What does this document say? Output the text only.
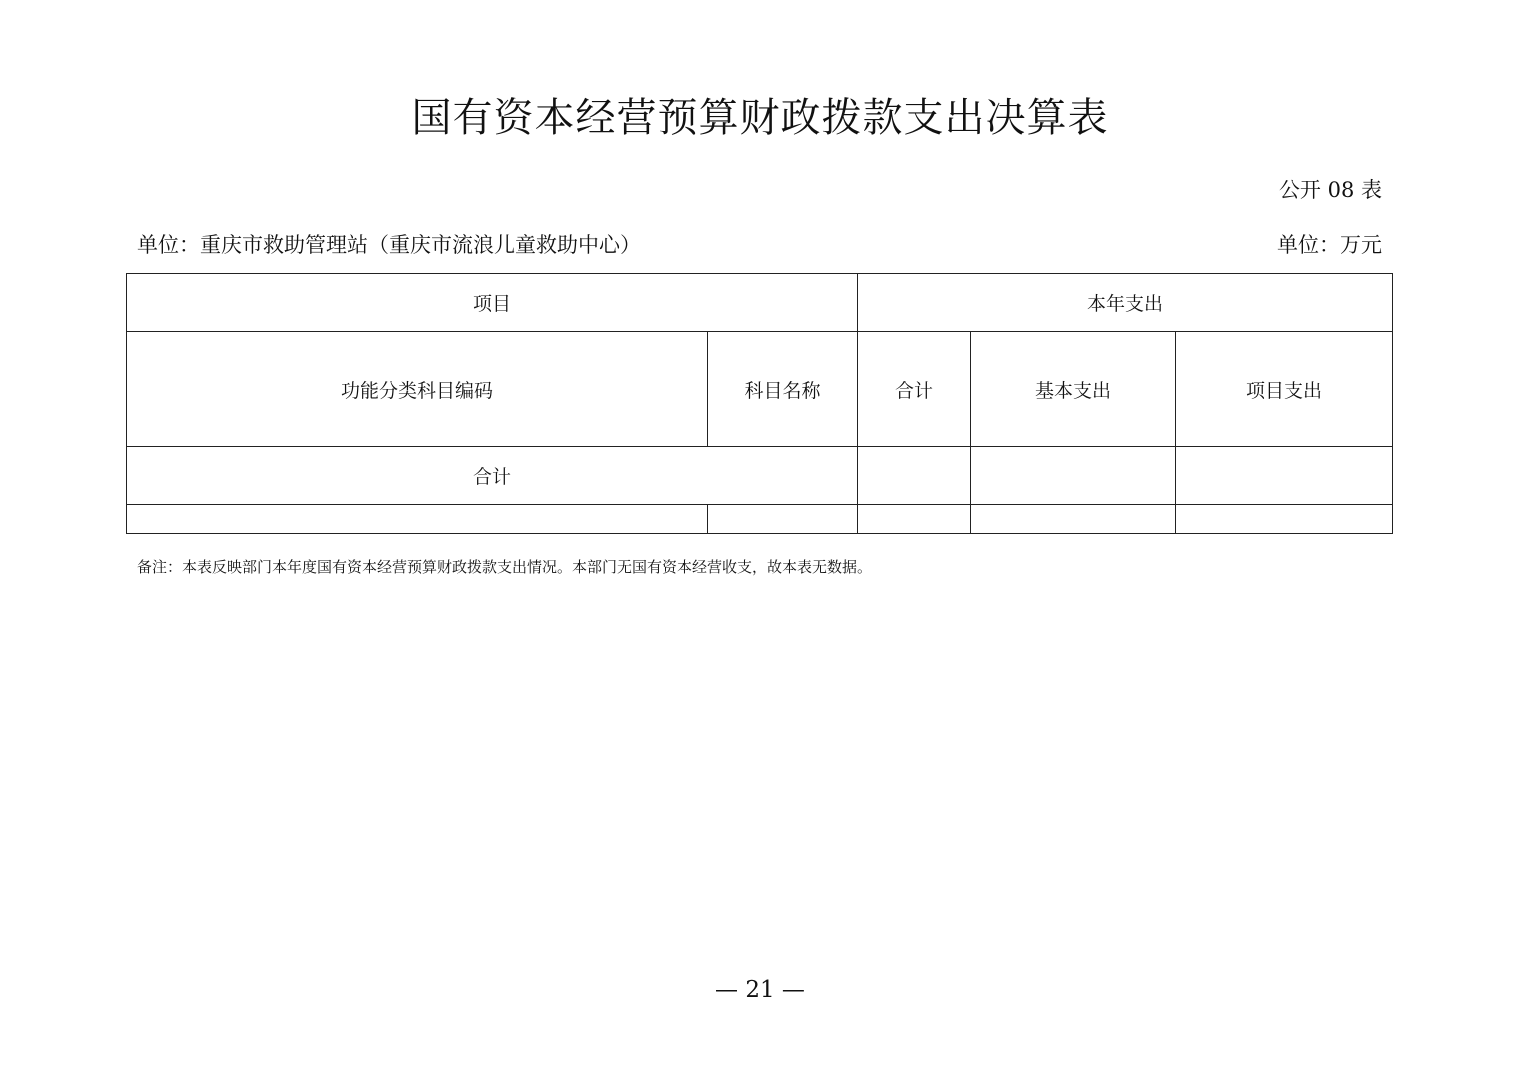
国有资本经营预算财政拨款支出决算表
公开 08 表
单位：重庆市救助管理站（重庆市流浪儿童救助中心）	单位：万元
项目		本年支出		
功能分类科目编码	科目名称	合计	基本支出	项目支出
合计				

备注：本表反映部门本年度国有资本经营预算财政拨款支出情况。本部门无国有资本经营收支，故本表无数据。
— 21 —
